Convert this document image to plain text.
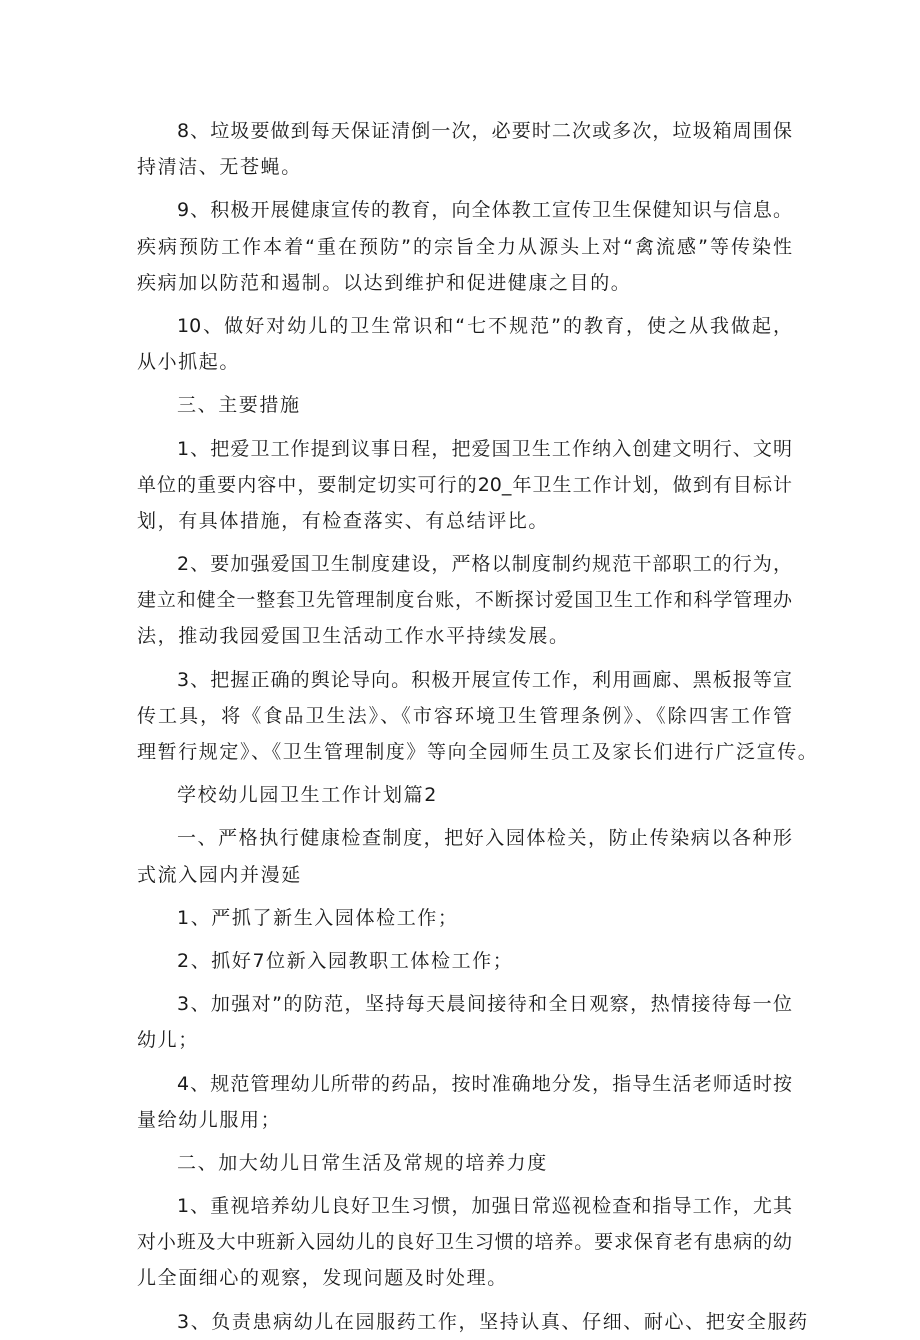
8、垃圾要做到每天保证清倒一次，必要时二次或多次，垃圾箱周围保
持清洁、无苍蝇。
9、积极开展健康宣传的教育，向全体教工宣传卫生保健知识与信息。
疾病预防工作本着“重在预防”的宗旨全力从源头上对“禽流感”等传染性
疾病加以防范和遏制。以达到维护和促进健康之目的。
10、做好对幼儿的卫生常识和“七不规范”的教育，使之从我做起，
从小抓起。
三、主要措施
1、把爱卫工作提到议事日程，把爱国卫生工作纳入创建文明行、文明
单位的重要内容中，要制定切实可行的20_年卫生工作计划，做到有目标计
划，有具体措施，有检查落实、有总结评比。
2、要加强爱国卫生制度建设，严格以制度制约规范干部职工的行为，
建立和健全一整套卫先管理制度台账，不断探讨爱国卫生工作和科学管理办
法，推动我园爱国卫生活动工作水平持续发展。
3、把握正确的舆论导向。积极开展宣传工作，利用画廊、黑板报等宣
传工具，将《食品卫生法》、《市容环境卫生管理条例》、《除四害工作管
理暂行规定》、《卫生管理制度》等向全园师生员工及家长们进行广泛宣传。
学校幼儿园卫生工作计划篇2
一、严格执行健康检查制度，把好入园体检关，防止传染病以各种形
式流入园内并漫延
1、严抓了新生入园体检工作；
2、抓好7位新入园教职工体检工作；
3、加强对”的防范，坚持每天晨间接待和全日观察，热情接待每一位
幼儿；
4、规范管理幼儿所带的药品，按时准确地分发，指导生活老师适时按
量给幼儿服用；
二、加大幼儿日常生活及常规的培养力度
1、重视培养幼儿良好卫生习惯，加强日常巡视检查和指导工作，尤其
对小班及大中班新入园幼儿的良好卫生习惯的培养。要求保育老有患病的幼
儿全面细心的观察，发现问题及时处理。
3、负责患病幼儿在园服药工作，坚持认真、仔细、耐心、把安全服药
